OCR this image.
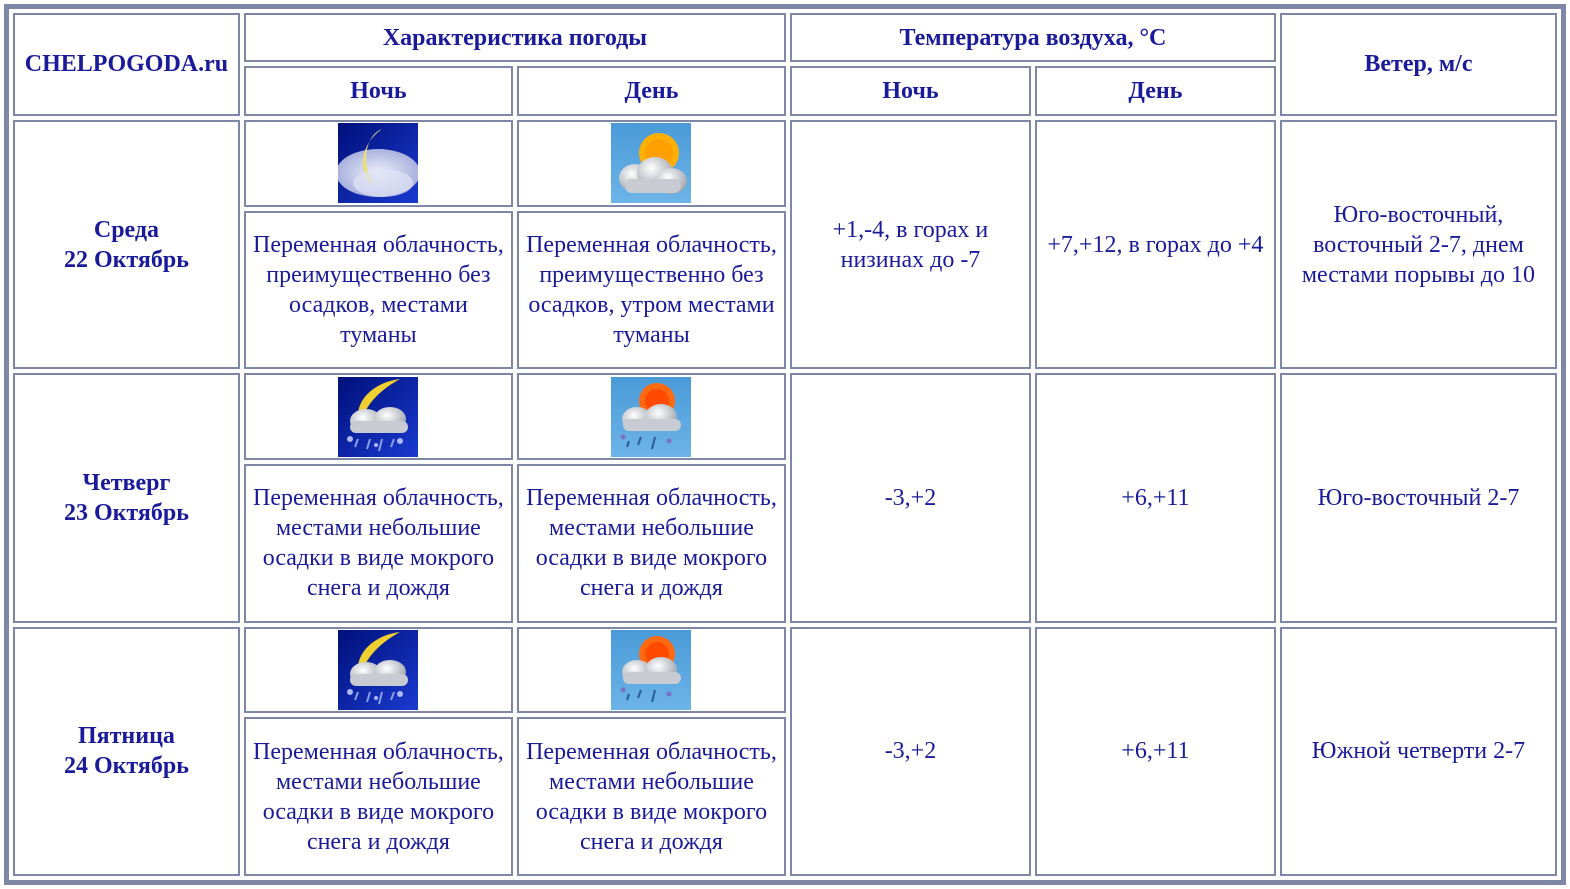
CHELPOGODA.ru	Характеристика погоды		Температура воздуха, °C		Ветер, м/с
	Ночь	День	Ночь	День	
Среда
22 Октябрь			+1,-4, в горах и низинах до -7	+7,+12, в горах до +4	Юго-восточный, восточный 2-7, днем местами порывы до 10
	Переменная облачность, преимущественно без осадков, местами туманы	Переменная облачность, преимущественно без осадков, утром местами туманы			
Четверг
23 Октябрь			-3,+2	+6,+11	Юго-восточный 2-7
	Переменная облачность, местами небольшие осадки в виде мокрого снега и дождя	Переменная облачность, местами небольшие осадки в виде мокрого снега и дождя			
Пятница
24 Октябрь			-3,+2	+6,+11	Южной четверти 2-7
	Переменная облачность, местами небольшие осадки в виде мокрого снега и дождя	Переменная облачность, местами небольшие осадки в виде мокрого снега и дождя			
